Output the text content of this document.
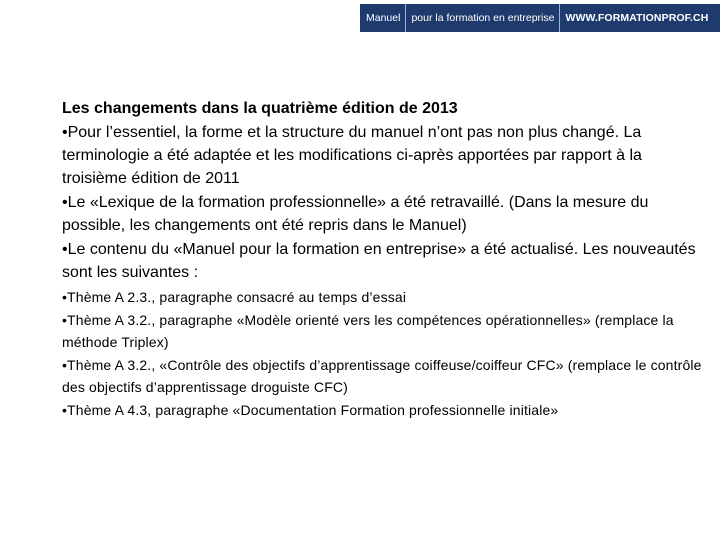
Manuel	pour la formation en entreprise	WWW.FORMATIONPROF.CH

Les changements dans la quatrième édition de 2013

•Pour l’essentiel, la forme et la structure du manuel n’ont pas non plus changé. La terminologie a été adaptée et les modifications ci-après apportées par rapport à la troisième édition de 2011

•Le «Lexique de la formation professionnelle» a été retravaillé. (Dans la mesure du possible, les changements ont été repris dans le Manuel)

•Le contenu du «Manuel pour la formation en entreprise» a été actualisé. Les nouveautés sont les suivantes :

•Thème A 2.3., paragraphe consacré au temps d’essai

•Thème A 3.2., paragraphe «Modèle orienté vers les compétences opérationnelles» (remplace la méthode Triplex)

•Thème A 3.2., «Contrôle des objectifs d’apprentissage coiffeuse/coiffeur CFC» (remplace le contrôle des objectifs d’apprentissage droguiste CFC)

•Thème A 4.3, paragraphe «Documentation Formation professionnelle initiale»
